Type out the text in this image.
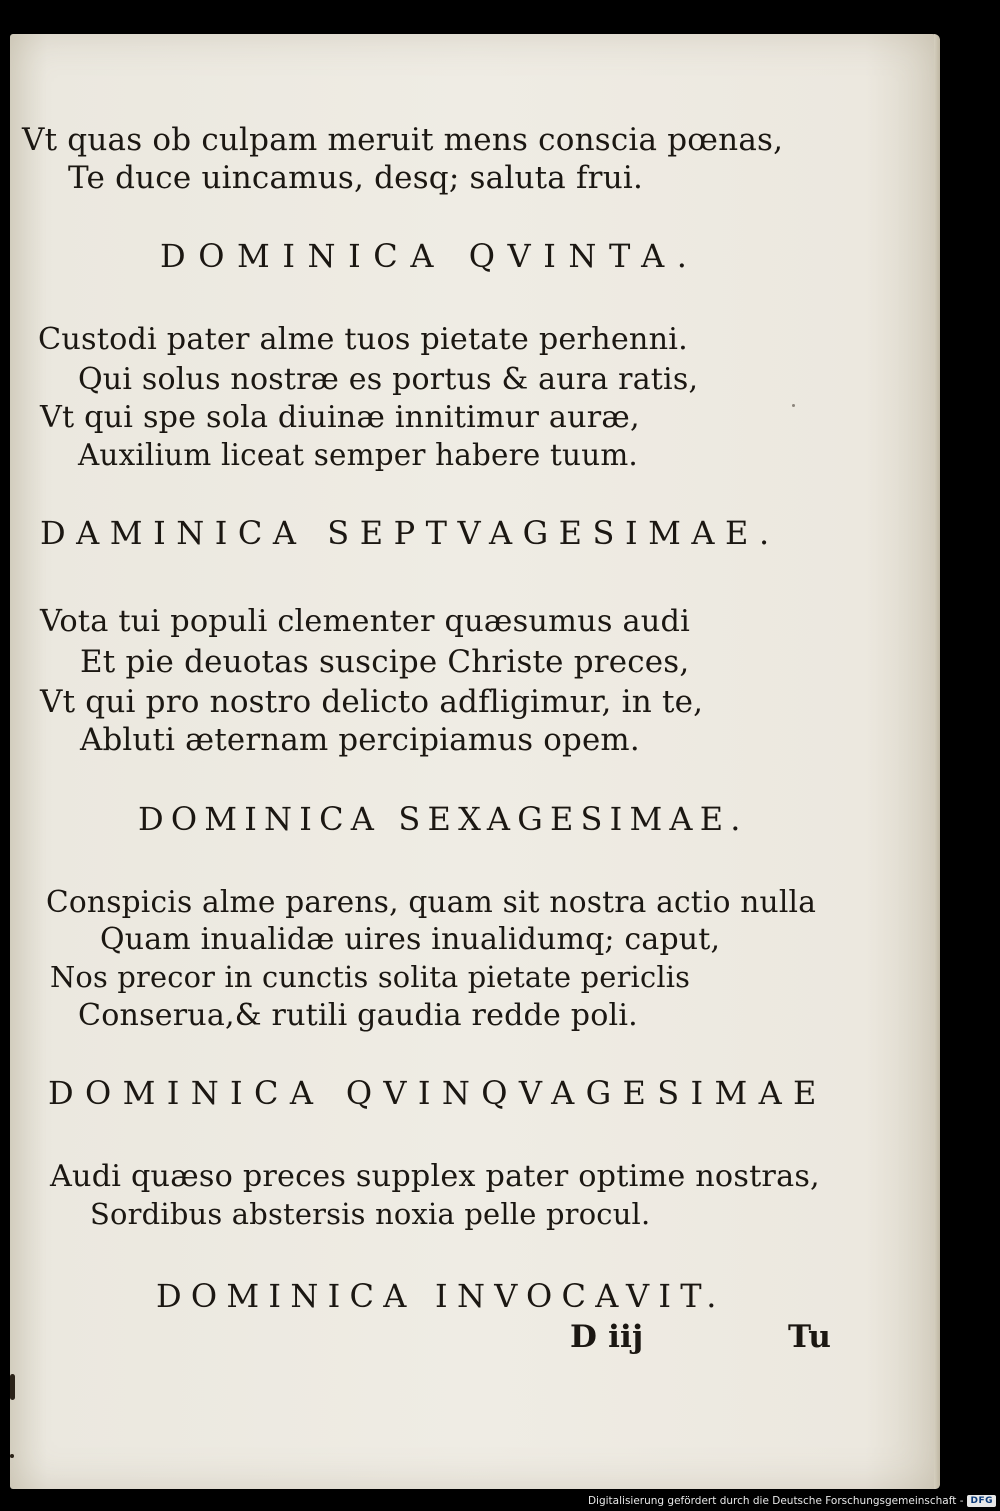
Vt quas ob culpam meruit mens conscia pœnas,
Te duce uincamus, desq; saluta frui.
DOMINICA QVINTA.
Custodi pater alme tuos pietate perhenni.
Qui solus nostræ es portus & aura ratis,
Vt qui spe sola diuinæ innitimur auræ,
Auxilium liceat semper habere tuum.
DAMINICA SEPTVAGESIMAE.
Vota tui populi clementer quæsumus audi
Et pie deuotas suscipe Christe preces,
Vt qui pro nostro delicto adfligimur, in te,
Abluti æternam percipiamus opem.
DOMINICA SEXAGESIMAE.
Conspicis alme parens, quam sit nostra actio nulla
Quam inualidæ uires inualidumq; caput,
Nos precor in cunctis solita pietate periclis
Conserua,& rutili gaudia redde poli.
DOMINICA QVINQVAGESIMAE
Audi quæso preces supplex pater optime nostras,
Sordibus abstersis noxia pelle procul.
DOMINICA INVOCAVIT.
D iij	Tu
Digitalisierung gefördert durch die Deutsche Forschungsgemeinschaft - DFG
